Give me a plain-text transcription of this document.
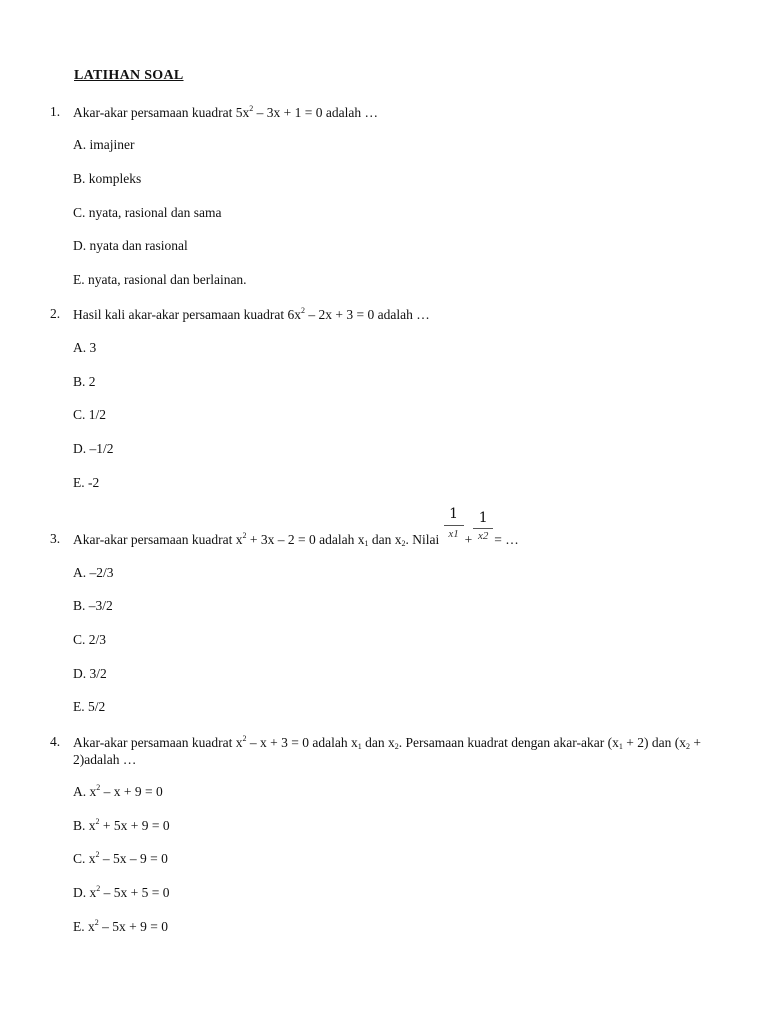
LATIHAN SOAL
1. Akar-akar persamaan kuadrat $5x^2 - 3x + 1 = 0$ adalah …
A. imajiner
B. kompleks
C. nyata, rasional dan sama
D. nyata dan rasional
E. nyata, rasional dan berlainan.
2. Hasil kali akar-akar persamaan kuadrat $6x^2 - 2x + 3 = 0$ adalah …
A. 3
B. 2
C. 1/2
D. –1/2
E. -2
3. Akar-akar persamaan kuadrat $x^2 + 3x - 2 = 0$ adalah $x_1$ dan $x_2$. Nilai $\frac{1}{x1} + \frac{1}{x2}$ = …
A. –2/3
B. –3/2
C. 2/3
D. 3/2
E. 5/2
4. Akar-akar persamaan kuadrat $x^2 - x + 3 = 0$ adalah $x_1$ dan $x_2$. Persamaan kuadrat dengan akar-akar $(x_1 + 2)$ dan ($x_2$ + 2)adalah …
A. $x^2 - x + 9 = 0$
B. $x^2 + 5x + 9 = 0$
C. $x^2 - 5x - 9 = 0$
D. $x^2 - 5x + 5 = 0$
E. $x^2 - 5x + 9 = 0$
